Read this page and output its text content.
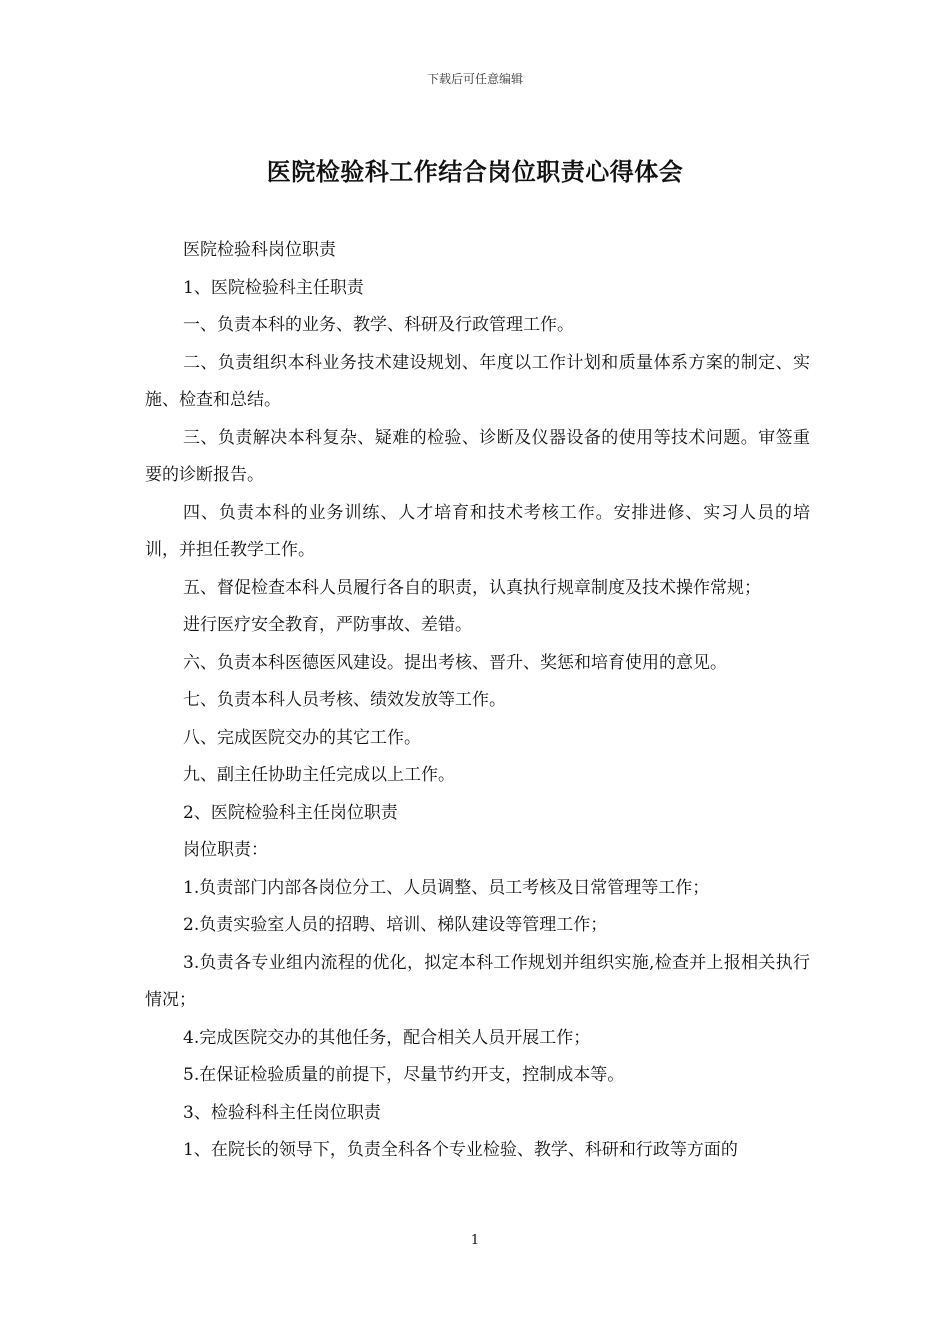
下载后可任意编辑
医院检验科工作结合岗位职责心得体会

医院检验科岗位职责

1、医院检验科主任职责

一、负责本科的业务、教学、科研及行政管理工作。

二、负责组织本科业务技术建设规划、年度以工作计划和质量体系方案的制定、实施、检查和总结。

三、负责解决本科复杂、疑难的检验、诊断及仪器设备的使用等技术问题。审签重要的诊断报告。

四、负责本科的业务训练、人才培育和技术考核工作。安排进修、实习人员的培训，并担任教学工作。

五、督促检查本科人员履行各自的职责，认真执行规章制度及技术操作常规；

进行医疗安全教育，严防事故、差错。

六、负责本科医德医风建设。提出考核、晋升、奖惩和培育使用的意见。

七、负责本科人员考核、绩效发放等工作。

八、完成医院交办的其它工作。

九、副主任协助主任完成以上工作。

2、医院检验科主任岗位职责

岗位职责：

1.负责部门内部各岗位分工、人员调整、员工考核及日常管理等工作；

2.负责实验室人员的招聘、培训、梯队建设等管理工作；

3.负责各专业组内流程的优化，拟定本科工作规划并组织实施,检查并上报相关执行情况；

4.完成医院交办的其他任务，配合相关人员开展工作；

5.在保证检验质量的前提下，尽量节约开支，控制成本等。

3、检验科科主任岗位职责

1、在院长的领导下，负责全科各个专业检验、教学、科研和行政等方面的

1
